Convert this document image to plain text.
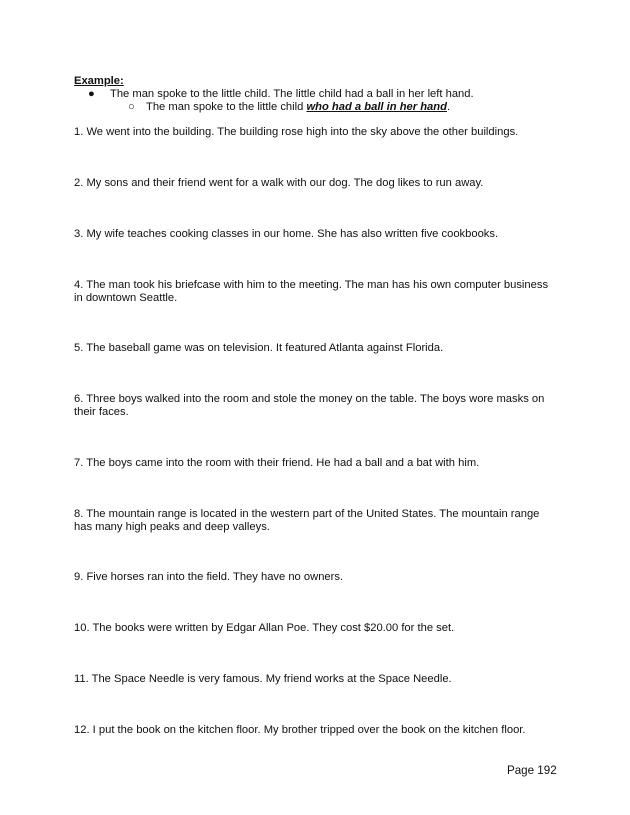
Example:
● The man spoke to the little child. The little child had a ball in her left hand.
○ The man spoke to the little child who had a ball in her hand.
1. We went into the building. The building rose high into the sky above the other buildings.
2. My sons and their friend went for a walk with our dog. The dog likes to run away.
3. My wife teaches cooking classes in our home. She has also written five cookbooks.
4. The man took his briefcase with him to the meeting. The man has his own computer business in downtown Seattle.
5. The baseball game was on television. It featured Atlanta against Florida.
6. Three boys walked into the room and stole the money on the table. The boys wore masks on their faces.
7. The boys came into the room with their friend. He had a ball and a bat with him.
8. The mountain range is located in the western part of the United States. The mountain range has many high peaks and deep valleys.
9. Five horses ran into the field. They have no owners.
10. The books were written by Edgar Allan Poe. They cost $20.00 for the set.
11. The Space Needle is very famous. My friend works at the Space Needle.
12. I put the book on the kitchen floor. My brother tripped over the book on the kitchen floor.
Page 192
